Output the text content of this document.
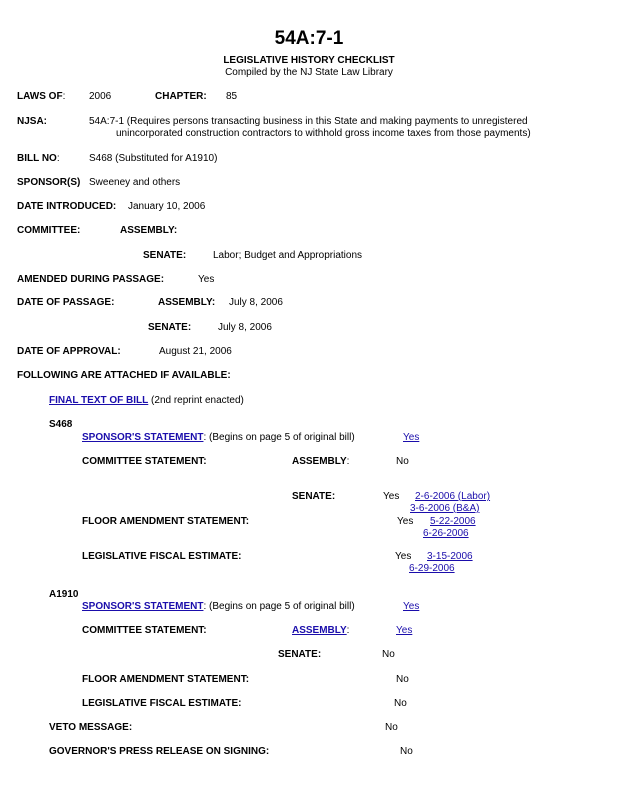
54A:7-1
LEGISLATIVE HISTORY CHECKLIST
Compiled by the NJ State Law Library
LAWS OF: 2006	CHAPTER: 85
NJSA:	54A:7-1 (Requires persons transacting business in this State and making payments to unregistered
unincorporated construction contractors to withhold gross income taxes from those payments)
BILL NO:	S468 (Substituted for A1910)
SPONSOR(S) Sweeney and others
DATE INTRODUCED: January 10, 2006
COMMITTEE:	ASSEMBLY:
SENATE:	Labor; Budget and Appropriations
AMENDED DURING PASSAGE:	Yes
DATE OF PASSAGE:	ASSEMBLY: July 8, 2006
SENATE:	July 8, 2006
DATE OF APPROVAL:	August 21, 2006
FOLLOWING ARE ATTACHED IF AVAILABLE:
FINAL TEXT OF BILL (2nd reprint enacted)
S468
SPONSOR'S STATEMENT: (Begins on page 5 of original bill)	Yes
COMMITTEE STATEMENT:	ASSEMBLY:	No
SENATE:	Yes 2-6-2006 (Labor)
3-6-2006 (B&A)
FLOOR AMENDMENT STATEMENT:	Yes 5-22-2006
6-26-2006
LEGISLATIVE FISCAL ESTIMATE:	Yes 3-15-2006
6-29-2006
A1910
SPONSOR'S STATEMENT: (Begins on page 5 of original bill)	Yes
COMMITTEE STATEMENT:	ASSEMBLY:	Yes
SENATE:	No
FLOOR AMENDMENT STATEMENT:	No
LEGISLATIVE FISCAL ESTIMATE:	No
VETO MESSAGE:	No
GOVERNOR'S PRESS RELEASE ON SIGNING:	No
